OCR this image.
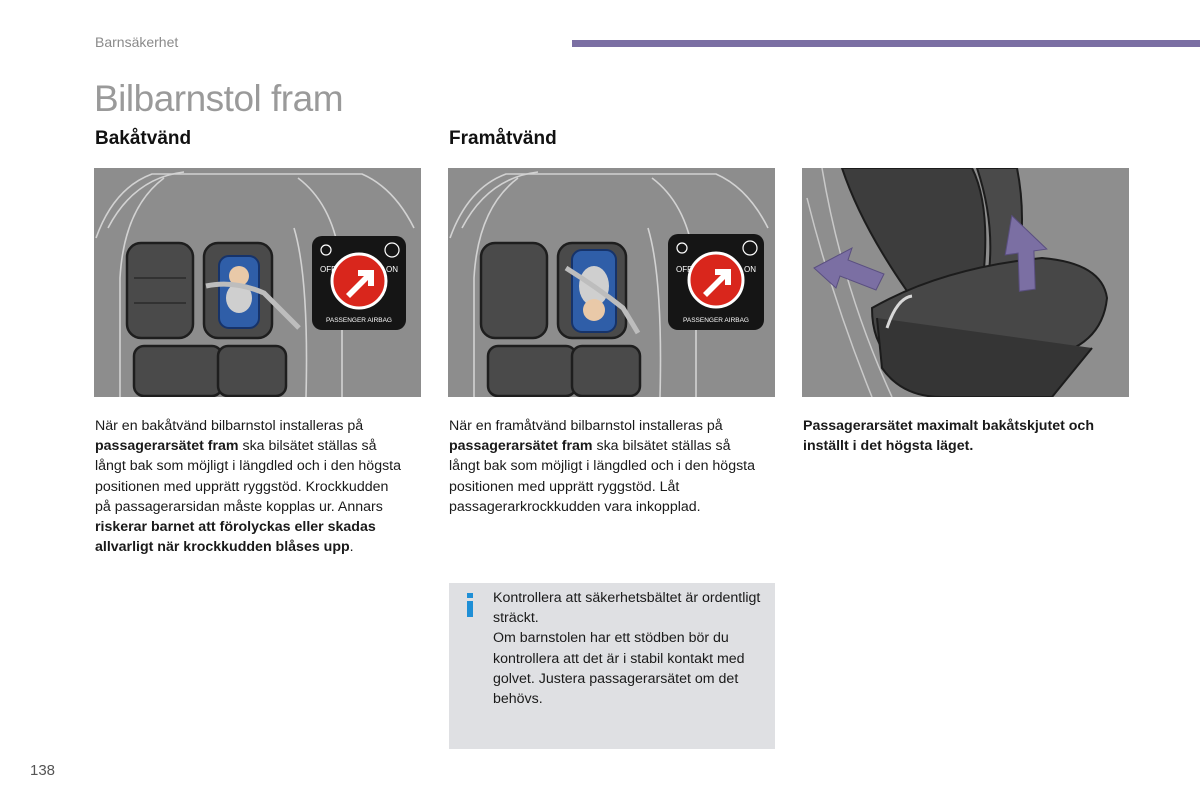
Barnsäkerhet
Bilbarnstol fram
Bakåtvänd	Framåtvänd
OFF	ON
PASSENGER AIRBAG
OFF	ON
PASSENGER AIRBAG
När en bakåtvänd bilbarnstol installeras på passagerarsätet fram ska bilsätet ställas så långt bak som möjligt i längdled och i den högsta positionen med upprätt ryggstöd. Krockkudden på passagerarsidan måste kopplas ur. Annars riskerar barnet att förolyckas eller skadas allvarligt när krockkudden blåses upp.
När en framåtvänd bilbarnstol installeras på passagerarsätet fram ska bilsätet ställas så långt bak som möjligt i längdled och i den högsta positionen med upprätt ryggstöd. Låt passagerarkrockkudden vara inkopplad.
Passagerarsätet maximalt bakåtskjutet och inställt i det högsta läget.
Kontrollera att säkerhetsbältet är ordentligt sträckt.
Om barnstolen har ett stödben bör du kontrollera att det är i stabil kontakt med golvet. Justera passagerarsätet om det behövs.
138
